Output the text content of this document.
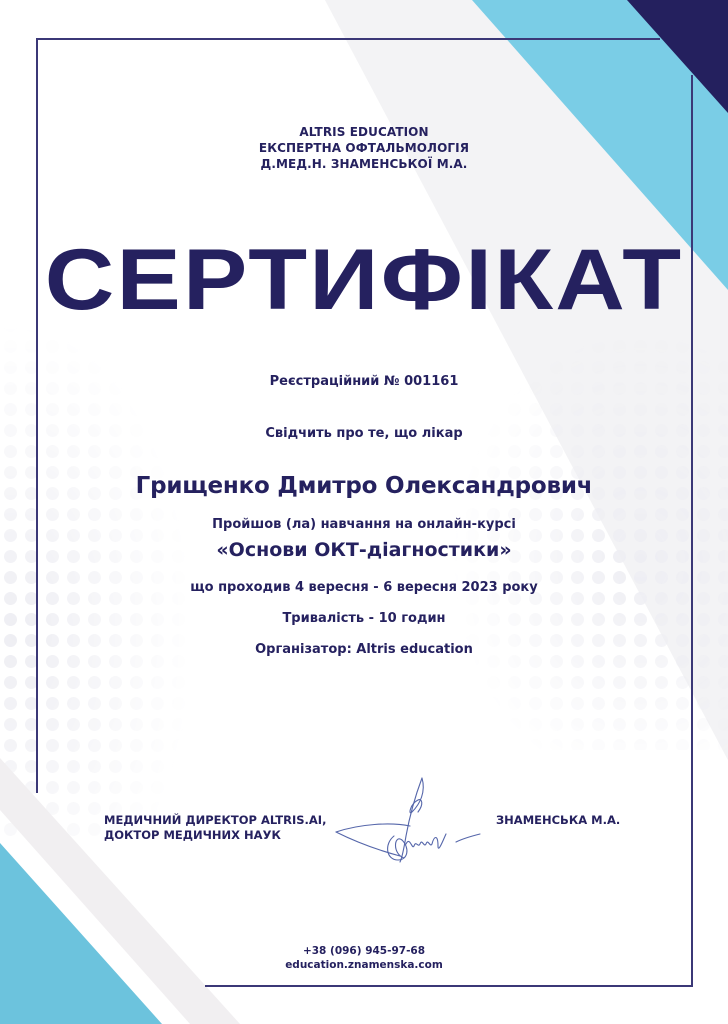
ALTRIS EDUCATION
ЕКСПЕРТНА ОФТАЛЬМОЛОГІЯ
Д.МЕД.Н. ЗНАМЕНСЬКОЇ М.А.
СЕРТИФІКАТ
Реєстраційний № 001161
Свідчить про те, що лікар
Грищенко Дмитро Олександрович
Пройшов (ла) навчання на онлайн-курсі
«Основи ОКТ-діагностики»
що проходив 4 вересня - 6 вересня 2023 року
Тривалість - 10 годин
Організатор: Altris education
МЕДИЧНИЙ ДИРЕКТОР ALTRIS.AI,
ДОКТОР МЕДИЧНИХ НАУК
ЗНАМЕНСЬКА М.А.
+38 (096) 945-97-68
education.znamenska.com
